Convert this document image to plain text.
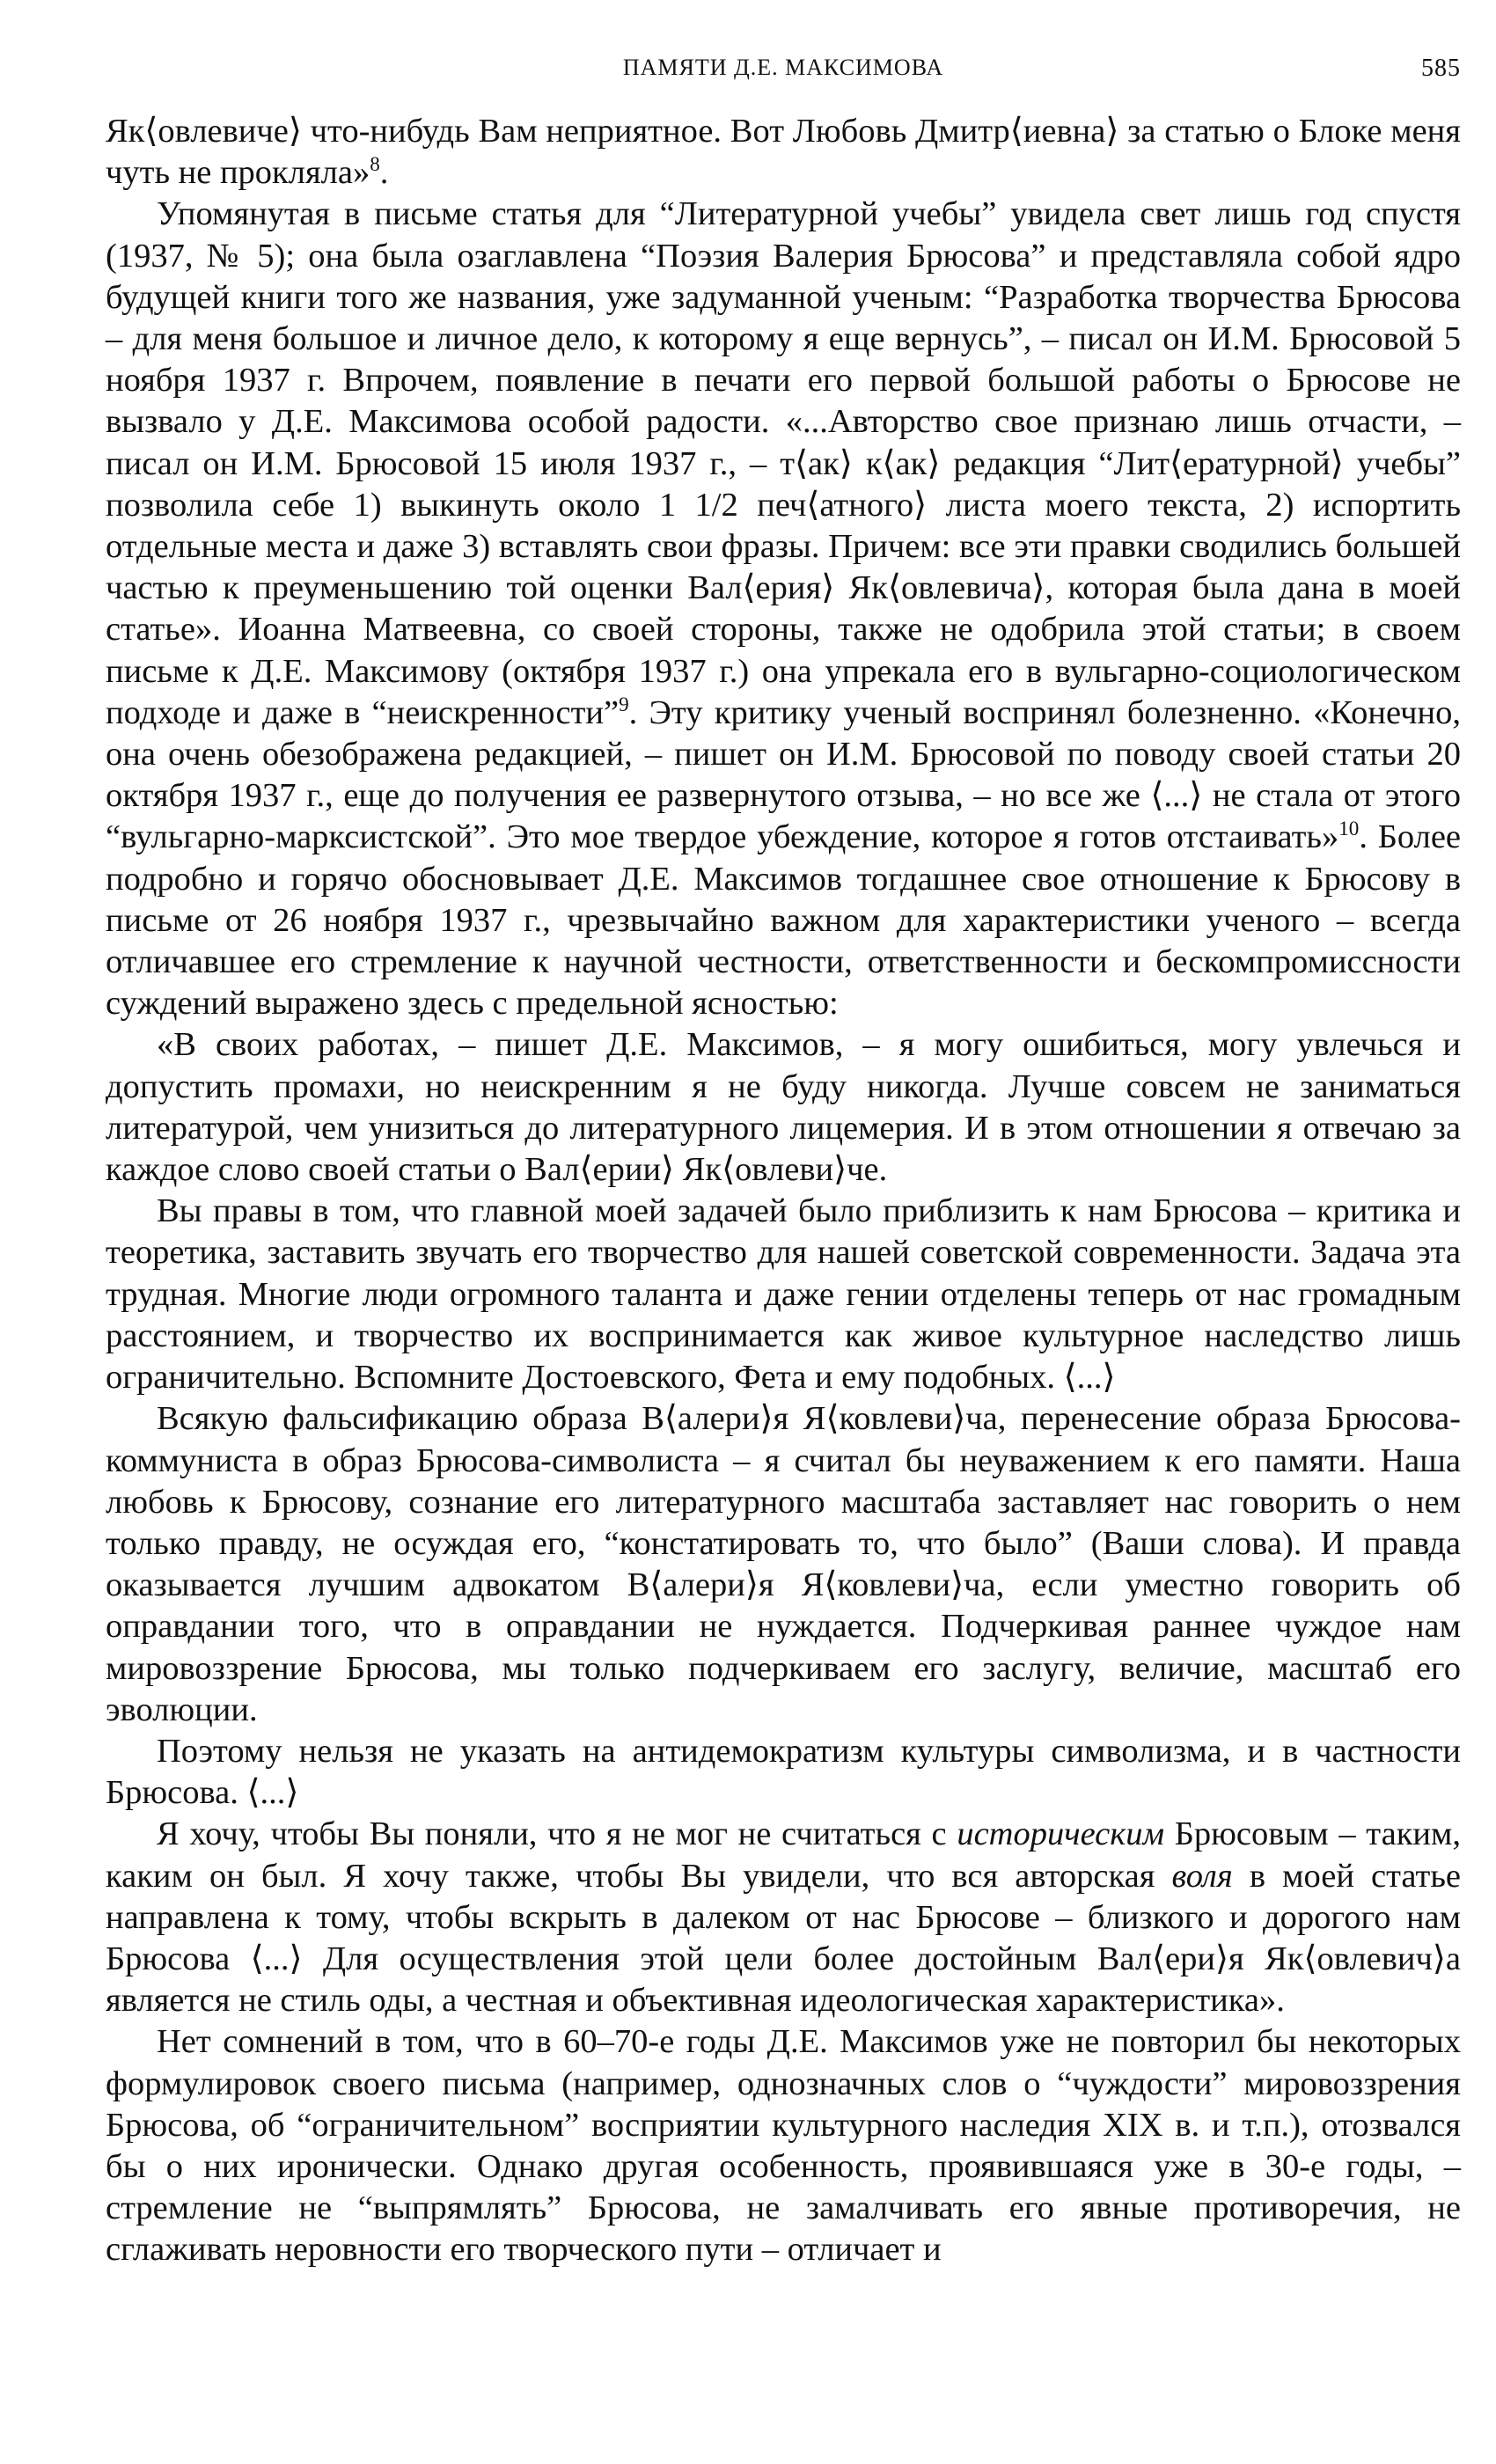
ПАМЯТИ Д.Е. МАКСИМОВА	585

Як⟨овлевиче⟩ что-нибудь Вам неприятное. Вот Любовь Дмитр⟨иевна⟩ за статью о Блоке меня чуть не прокляла»$^8$.

Упомянутая в письме статья для “Литературной учебы” увидела свет лишь год спустя (1937, № 5); она была озаглавлена “Поэзия Валерия Брюсова” и представляла собой ядро будущей книги того же названия, уже задуманной ученым: “Разработка творчества Брюсова – для меня большое и личное дело, к которому я еще вернусь”, – писал он И.М. Брюсовой 5 ноября 1937 г. Впрочем, появление в печати его первой большой работы о Брюсове не вызвало у Д.Е. Максимова особой радости. «...Авторство свое признаю лишь отчасти, – писал он И.М. Брюсовой 15 июля 1937 г., – т⟨ак⟩ к⟨ак⟩ редакция “Лит⟨ературной⟩ учебы” позволила себе 1) выкинуть около 1 1/2 печ⟨атного⟩ листа моего текста, 2) испортить отдельные места и даже 3) вставлять свои фразы. Причем: все эти правки сводились большей частью к преуменьшению той оценки Вал⟨ерия⟩ Як⟨овлевича⟩, которая была дана в моей статье». Иоанна Матвеевна, со своей стороны, также не одобрила этой статьи; в своем письме к Д.Е. Максимову (октября 1937 г.) она упрекала его в вульгарно-социологическом подходе и даже в “неискренности”$^9$. Эту критику ученый воспринял болезненно. «Конечно, она очень обезображена редакцией, – пишет он И.М. Брюсовой по поводу своей статьи 20 октября 1937 г., еще до получения ее развернутого отзыва, – но все же ⟨...⟩ не стала от этого “вульгарно-марксистской”. Это мое твердое убеждение, которое я готов отстаивать»$^{10}$. Более подробно и горячо обосновывает Д.Е. Максимов тогдашнее свое отношение к Брюсову в письме от 26 ноября 1937 г., чрезвычайно важном для характеристики ученого – всегда отличавшее его стремление к научной честности, ответственности и бескомпромиссности суждений выражено здесь с предельной ясностью:

«В своих работах, – пишет Д.Е. Максимов, – я могу ошибиться, могу увлечься и допустить промахи, но неискренним я не буду никогда. Лучше совсем не заниматься литературой, чем унизиться до литературного лицемерия. И в этом отношении я отвечаю за каждое слово своей статьи о Вал⟨ерии⟩ Як⟨овлеви⟩че.

Вы правы в том, что главной моей задачей было приблизить к нам Брюсова – критика и теоретика, заставить звучать его творчество для нашей советской современности. Задача эта трудная. Многие люди огромного таланта и даже гении отделены теперь от нас громадным расстоянием, и творчество их воспринимается как живое культурное наследство лишь ограничительно. Вспомните Достоевского, Фета и ему подобных. ⟨...⟩

Всякую фальсификацию образа В⟨алери⟩я Я⟨ковлеви⟩ча, перенесение образа Брюсова-коммуниста в образ Брюсова-символиста – я считал бы неуважением к его памяти. Наша любовь к Брюсову, сознание его литературного масштаба заставляет нас говорить о нем только правду, не осуждая его, “констатировать то, что было” (Ваши слова). И правда оказывается лучшим адвокатом В⟨алери⟩я Я⟨ковлеви⟩ча, если уместно говорить об оправдании того, что в оправдании не нуждается. Подчеркивая раннее чуждое нам мировоззрение Брюсова, мы только подчеркиваем его заслугу, величие, масштаб его эволюции.

Поэтому нельзя не указать на антидемократизм культуры символизма, и в частности Брюсова. ⟨...⟩

Я хочу, чтобы Вы поняли, что я не мог не считаться с историческим Брюсовым – таким, каким он был. Я хочу также, чтобы Вы увидели, что вся авторская воля в моей статье направлена к тому, чтобы вскрыть в далеком от нас Брюсове – близкого и дорогого нам Брюсова ⟨...⟩ Для осуществления этой цели более достойным Вал⟨ери⟩я Як⟨овлевич⟩а является не стиль оды, а честная и объективная идеологическая характеристика».

Нет сомнений в том, что в 60–70-е годы Д.Е. Максимов уже не повторил бы некоторых формулировок своего письма (например, однозначных слов о “чуждости” мировоззрения Брюсова, об “ограничительном” восприятии культурного наследия XIX в. и т.п.), отозвался бы о них иронически. Однако другая особенность, проявившаяся уже в 30-е годы, – стремление не “выпрямлять” Брюсова, не замалчивать его явные противоречия, не сглаживать неровности его творческого пути – отличает и
